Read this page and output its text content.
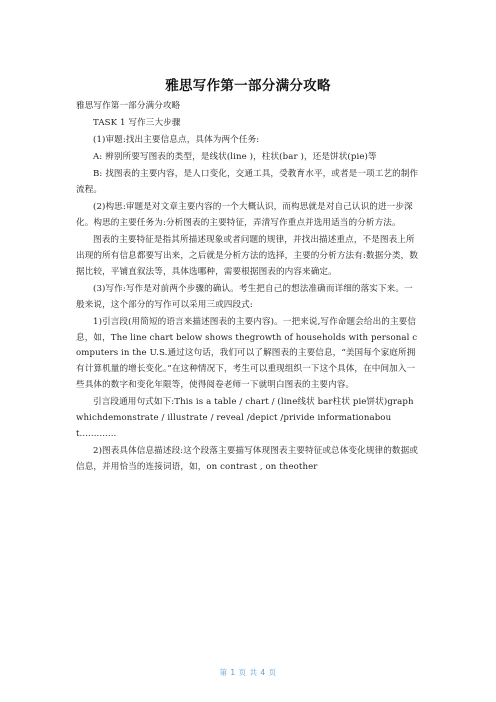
雅思写作第一部分满分攻略

雅思写作第一部分满分攻略

TASK 1 写作三大步骤

(1)审题:找出主要信息点，具体为两个任务:

A: 辨别所要写图表的类型，是线状(line )，柱状(bar )，还是饼状(pie)等

B: 找图表的主要内容，是人口变化，交通工具，受教育水平，或者是一项工艺的制作流程。

(2)构思:审题是对文章主要内容的一个大概认识，而构思就是对自己认识的进一步深化。构思的主要任务为:分析图表的主要特征，弄清写作重点并选用适当的分析方法。

图表的主要特征是指其所描述现象或者问题的规律，并找出描述重点，不是图表上所出现的所有信息都要写出来，之后就是分析方法的选择，主要的分析方法有:数据分类，数据比较，平铺直叙法等，具体选哪种，需要根据图表的内容来确定。

(3)写作:写作是对前两个步骤的确认。考生把自己的想法准确而详细的落实下来。一般来说，这个部分的写作可以采用三或四段式:

1)引言段(用简短的语言来描述图表的主要内容)。一把来说,写作命题会给出的主要信息，如，The line chart below shows thegrowth of households with personal computers in the U.S.通过这句话，我们可以了解图表的主要信息，“美国每个家庭所拥有计算机量的增长变化。”在这种情况下，考生可以重现组织一下这个具体，在中间加入一些具体的数字和变化年限等，使得阅卷老师一下就明白图表的主要内容。

引言段通用句式如下:This is a table / chart / (line线状 bar柱状 pie饼状)graph whichdemonstrate / illustrate / reveal /depict /privide informationabout.............

2)图表具体信息描述段:这个段落主要描写体现图表主要特征或总体变化规律的数据或信息，并用恰当的连接词语，如，on contrast , on theother

第 1 页 共 4 页
